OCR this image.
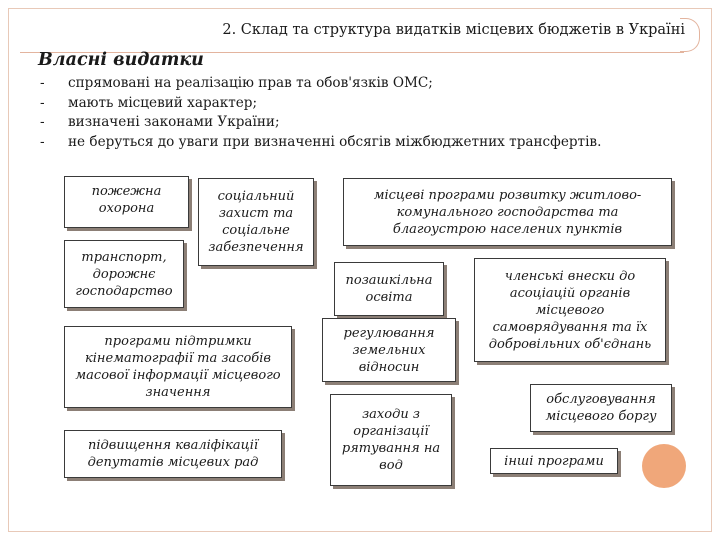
2. Склад та структура видатків місцевих бюджетів в Україні
Власні видатки
- спрямовані на реалізацію прав та обов'язків ОМС;
- мають місцевий характер;
- визначені законами України;
- не беруться до уваги при визначенні обсягів міжбюджетних трансфертів.
пожежна охорона
транспорт, дорожнє господарство
соціальний захист та соціальне забезпечення
місцеві програми розвитку житлово-комунального господарства та благоустрою населених пунктів
позашкільна освіта
регулювання земельних відносин
заходи з організації рятування на вод
членські внески до асоціацій органів місцевого самоврядування та їх добровільних об'єднань
обслуговування місцевого боргу
інші програми
програми підтримки кінематографії та засобів масової інформації місцевого значення
підвищення кваліфікації депутатів місцевих рад
